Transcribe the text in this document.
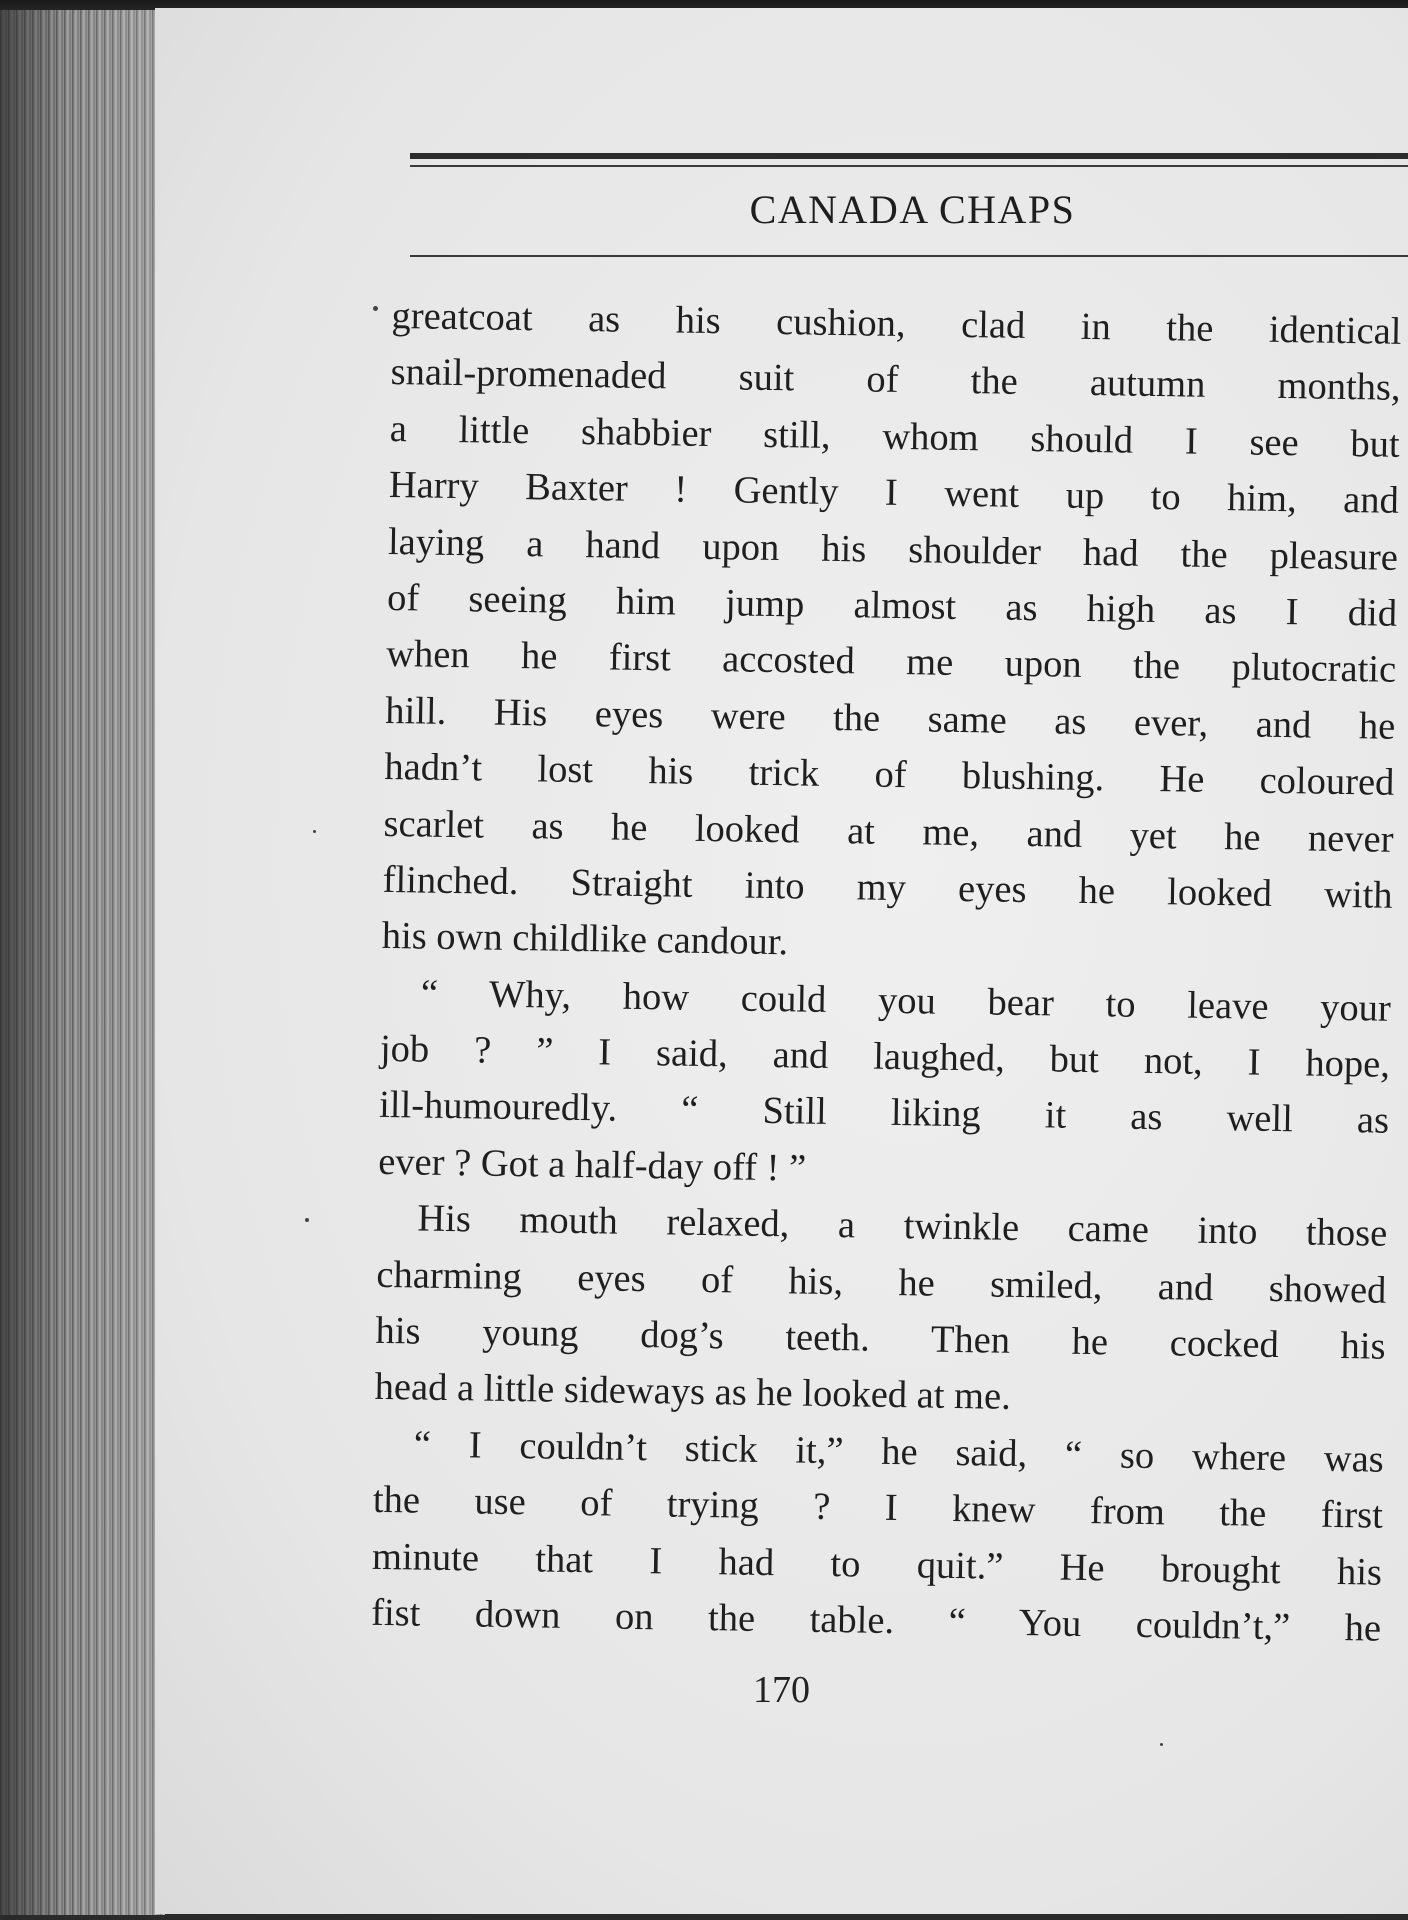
CANADA CHAPS
greatcoat as his cushion, clad in the identical
snail-promenaded suit of the autumn months,
a little shabbier still, whom should I see but
Harry Baxter ! Gently I went up to him, and
laying a hand upon his shoulder had the pleasure
of seeing him jump almost as high as I did
when he first accosted me upon the plutocratic
hill. His eyes were the same as ever, and he
hadn’t lost his trick of blushing. He coloured
scarlet as he looked at me, and yet he never
flinched. Straight into my eyes he looked with
his own childlike candour.
“ Why, how could you bear to leave your
job ? ” I said, and laughed, but not, I hope,
ill-humouredly. “ Still liking it as well as
ever ? Got a half-day off ! ”
His mouth relaxed, a twinkle came into those
charming eyes of his, he smiled, and showed
his young dog’s teeth. Then he cocked his
head a little sideways as he looked at me.
“ I couldn’t stick it,” he said, “ so where was
the use of trying ? I knew from the first
minute that I had to quit.” He brought his
fist down on the table. “ You couldn’t,” he
170
